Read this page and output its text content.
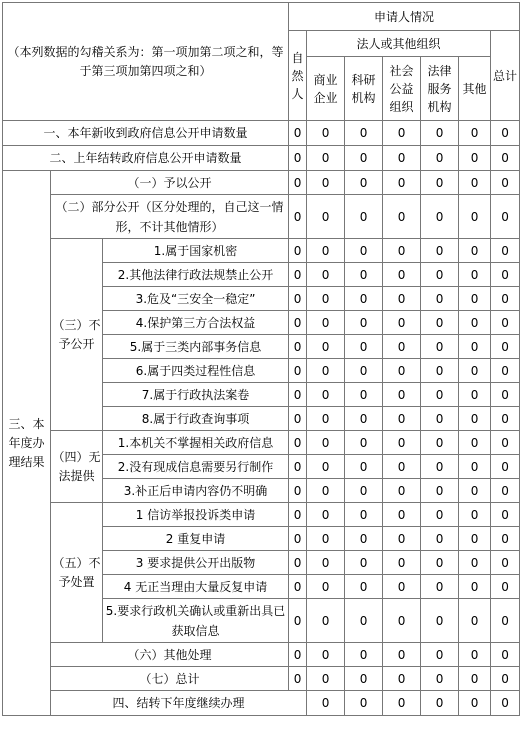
（本列数据的勾稽关系为：第一项加第二项之和，等于第三项加第四项之和）			申请人情况							
			自然人	法人或其他组织					总计	
				商业企业	科研机构	社会公益组织	法律服务机构	其他		
一、本年新收到政府信息公开申请数量			0	0	0	0	0	0	0	
二、上年结转政府信息公开申请数量			0	0	0	0	0	0	0	
三、本年度办理结果	（一）予以公开		0	0	0	0	0	0	0	
	（二）部分公开（区分处理的，自己这一情形，不计其他情形）		0	0	0	0	0	0	0	
	（三）不予公开	1.属于国家机密	0	0	0	0	0	0	0	
		2.其他法律行政法规禁止公开	0	0	0	0	0	0	0	
		3.危及“三安全一稳定”	0	0	0	0	0	0	0	
		4.保护第三方合法权益	0	0	0	0	0	0	0	
		5.属于三类内部事务信息	0	0	0	0	0	0	0	
		6.属于四类过程性信息	0	0	0	0	0	0	0	
		7.属于行政执法案卷	0	0	0	0	0	0	0	
		8.属于行政查询事项	0	0	0	0	0	0	0	
	（四）无法提供	1.本机关不掌握相关政府信息	0	0	0	0	0	0	0	
		2.没有现成信息需要另行制作	0	0	0	0	0	0	0	
		3.补正后申请内容仍不明确	0	0	0	0	0	0	0	
	（五）不予处置	1 信访举报投诉类申请	0	0	0	0	0	0	0	
		2 重复申请	0	0	0	0	0	0	0	
		3 要求提供公开出版物	0	0	0	0	0	0	0	
		4 无正当理由大量反复申请	0	0	0	0	0	0	0	
		5.要求行政机关确认或重新出具已获取信息	0	0	0	0	0	0	0	
	（六）其他处理		0	0	0	0	0	0	0	
	（七）总计		0	0	0	0	0	0	0	
	四、结转下年度继续办理			0	0	0	0	0	0	
